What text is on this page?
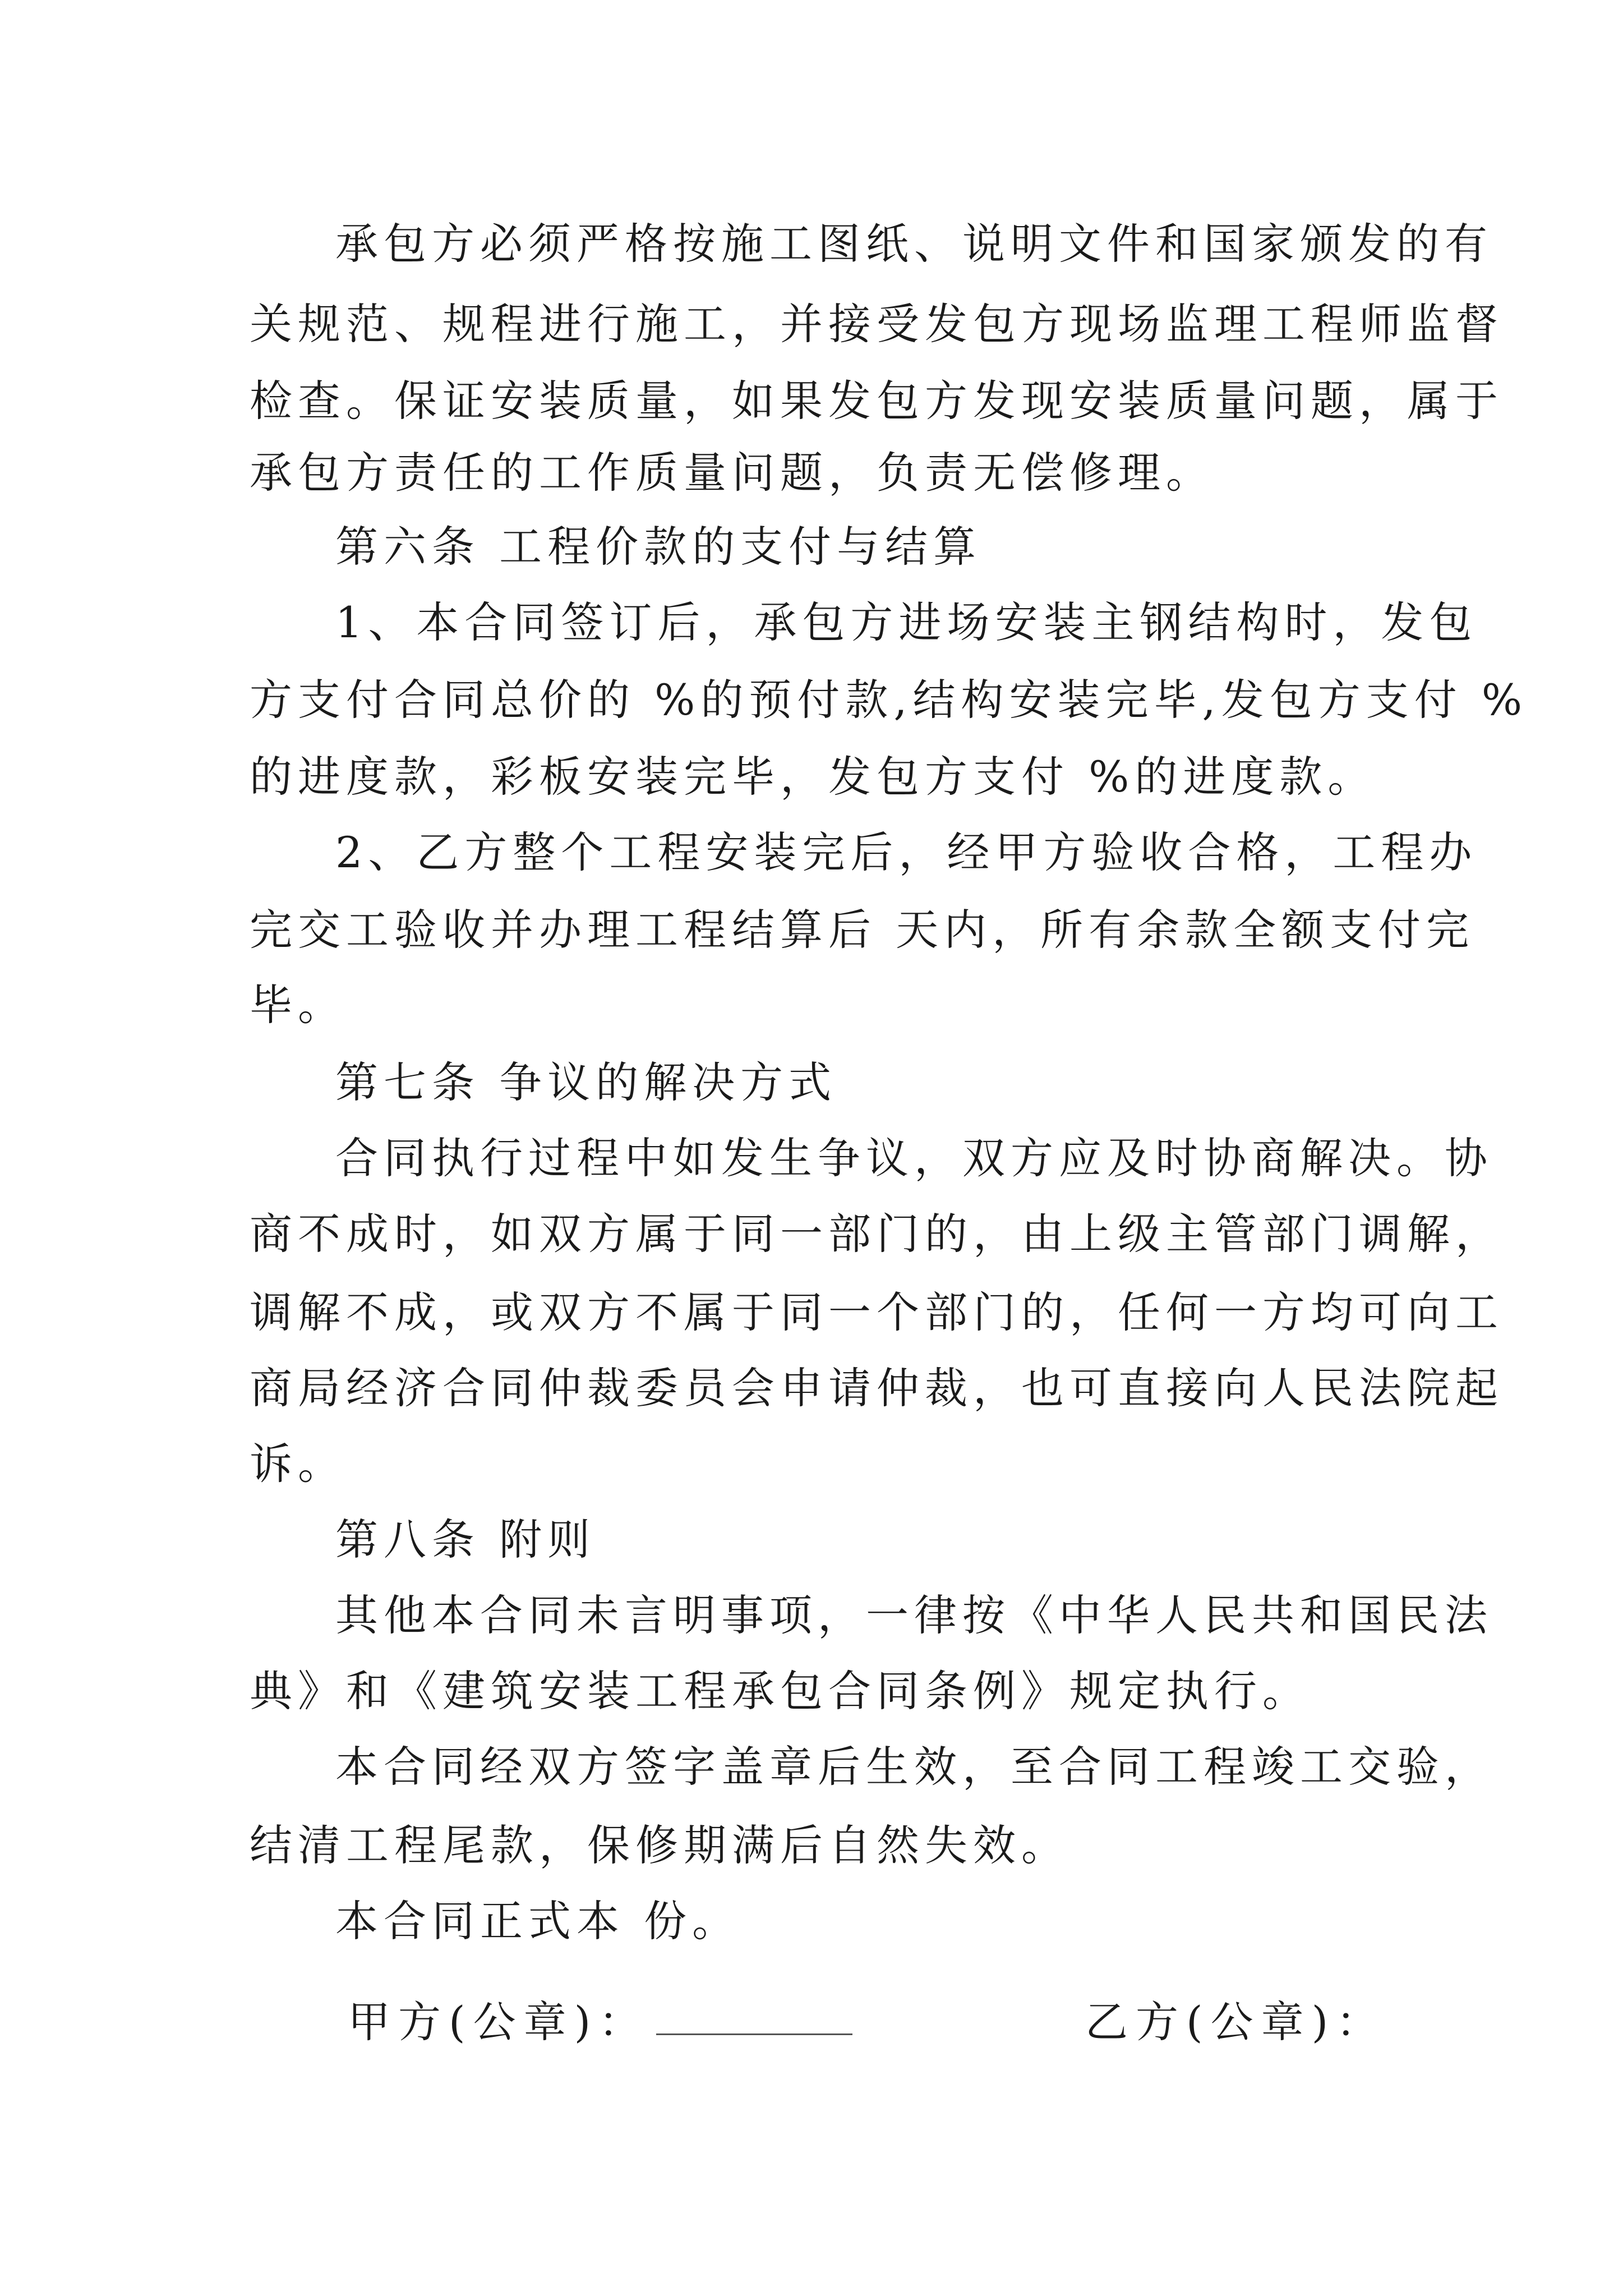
承包方必须严格按施工图纸、说明文件和国家颁发的有
关规范、规程进行施工，并接受发包方现场监理工程师监督
检查。保证安装质量，如果发包方发现安装质量问题，属于
承包方责任的工作质量问题，负责无偿修理。
第六条 工程价款的支付与结算
1、本合同签订后，承包方进场安装主钢结构时，发包
方支付合同总价的 %的预付款,结构安装完毕,发包方支付 %
的进度款，彩板安装完毕，发包方支付 %的进度款。
2、乙方整个工程安装完后，经甲方验收合格，工程办
完交工验收并办理工程结算后 天内，所有余款全额支付完
毕。
第七条 争议的解决方式
合同执行过程中如发生争议，双方应及时协商解决。协
商不成时，如双方属于同一部门的，由上级主管部门调解，
调解不成，或双方不属于同一个部门的，任何一方均可向工
商局经济合同仲裁委员会申请仲裁，也可直接向人民法院起
诉。
第八条 附则
其他本合同未言明事项，一律按《中华人民共和国民法
典》和《建筑安装工程承包合同条例》规定执行。
本合同经双方签字盖章后生效，至合同工程竣工交验，
结清工程尾款，保修期满后自然失效。
本合同正式本 份。
甲方(公章)：	乙方(公章)：
